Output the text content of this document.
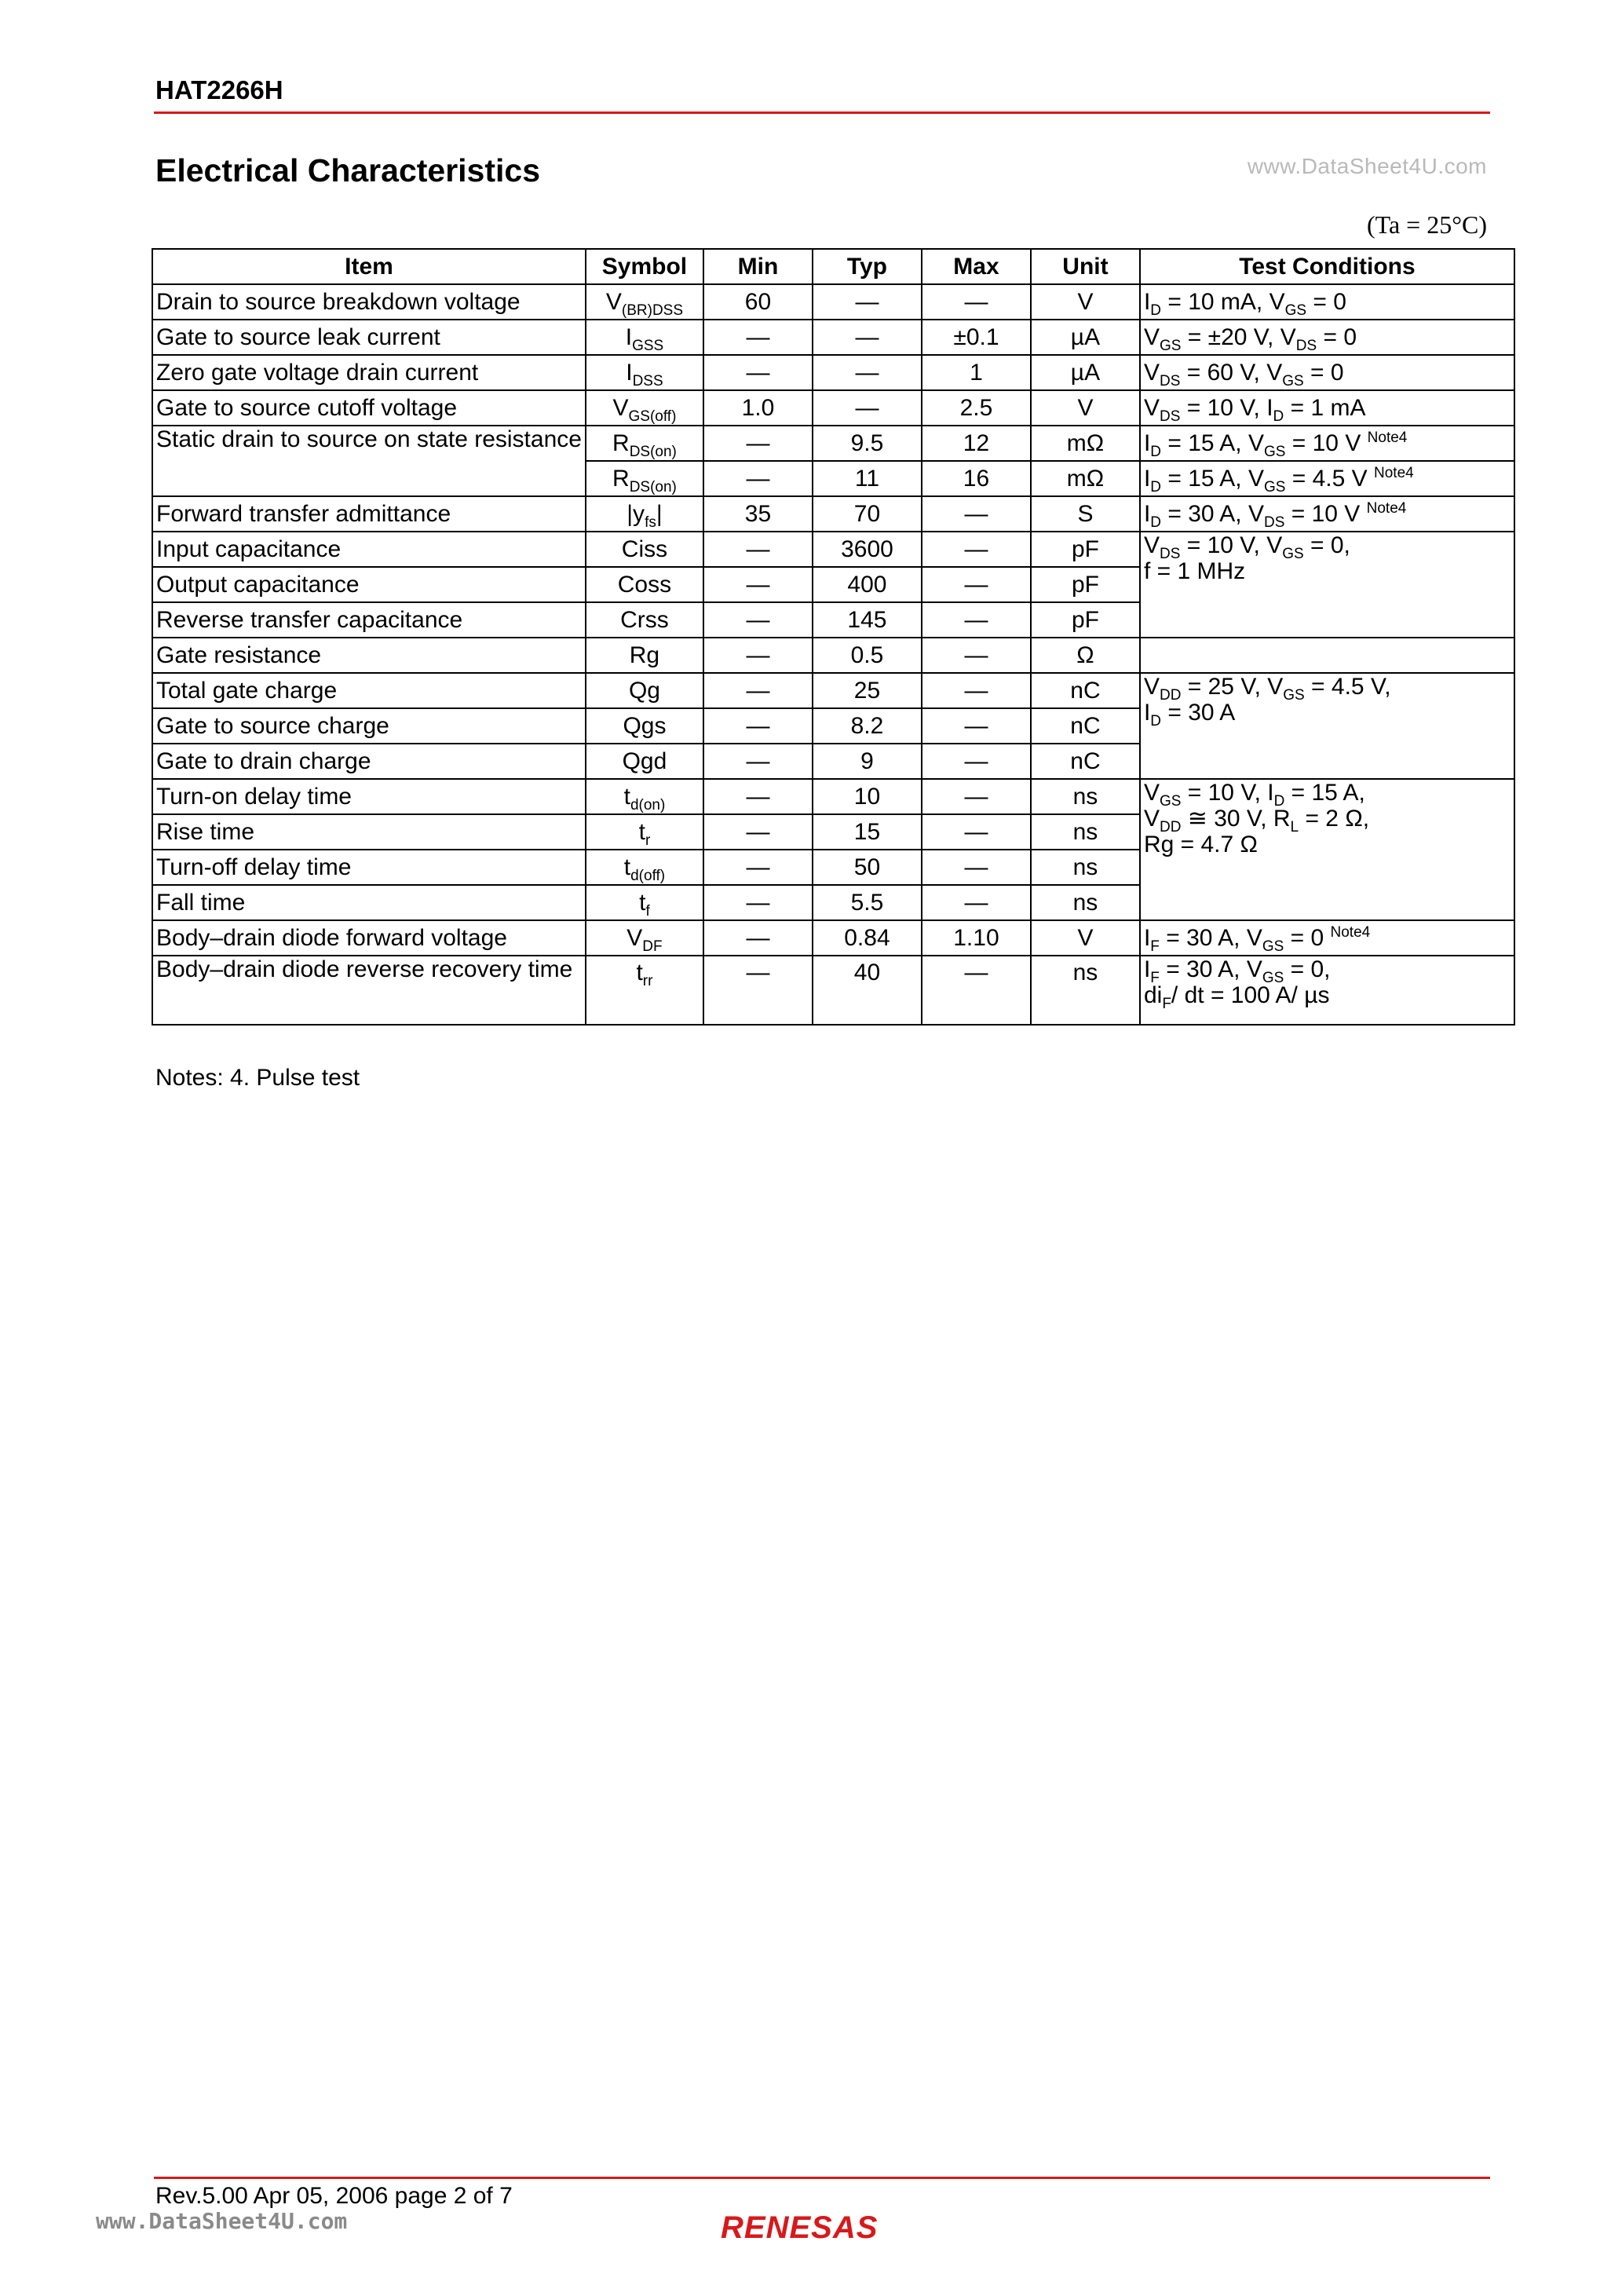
HAT2266H
Electrical Characteristics	www.DataSheet4U.com
(Ta = 25°C)
Item	Symbol	Min	Typ	Max	Unit	Test Conditions
Drain to source breakdown voltage	$V_{(BR)DSS}$	60	—	—	V	$I_D = 10$ mA, $V_{GS} = 0$
Gate to source leak current	$I_{GSS}$	—	—	±0.1	µA	$V_{GS} = \pm 20$ V, $V_{DS} = 0$
Zero gate voltage drain current	$I_{DSS}$	—	—	1	µA	$V_{DS} = 60$ V, $V_{GS} = 0$
Gate to source cutoff voltage	$V_{GS(off)}$	1.0	—	2.5	V	$V_{DS} = 10$ V, $I_D = 1$ mA
Static drain to source on state resistance	$R_{DS(on)}$	—	9.5	12	mΩ	$I_D = 15$ A, $V_{GS} = 10$ V $^{Note4}$
	$R_{DS(on)}$	—	11	16	mΩ	$I_D = 15$ A, $V_{GS} = 4.5$ V $^{Note4}$
Forward transfer admittance	$|y_{fs}|$	35	70	—	S	$I_D = 30$ A, $V_{DS} = 10$ V $^{Note4}$
Input capacitance	Ciss	—	3600	—	pF	$V_{DS} = 10$ V, $V_{GS} = 0$,
f = 1 MHz

Output capacitance	Coss	—	400	—	pF	
Reverse transfer capacitance	Crss	—	145	—	pF	
Gate resistance	Rg	—	0.5	—	Ω	
Total gate charge	Qg	—	25	—	nC	$V_{DD} = 25$ V, $V_{GS} = 4.5$ V,
$I_D = 30$ A

Gate to source charge	Qgs	—	8.2	—	nC	
Gate to drain charge	Qgd	—	9	—	nC	
Turn-on delay time	$t_{d(on)}$	—	10	—	ns	$V_{GS} = 10$ V, $I_D = 15$ A,
$V_{DD}$ ≅ 30 V, $R_L = 2$ Ω,
Rg = 4.7 Ω

Rise time	$t_r$	—	15	—	ns	
Turn-off delay time	$t_{d(off)}$	—	50	—	ns	
Fall time	$t_f$	—	5.5	—	ns	
Body–drain diode forward voltage	$V_{DF}$	—	0.84	1.10	V	$I_F = 30$ A, $V_{GS} = 0$ $^{Note4}$
Body–drain diode reverse recovery time	$t_{rr}$	—	40	—	ns	$I_F = 30$ A, $V_{GS} = 0$,
$di_F/$ dt = 100 A/ µs
Notes: 4. Pulse test
Rev.5.00 Apr 05, 2006 page 2 of 7
www.DataSheet4U.com	RENESAS
